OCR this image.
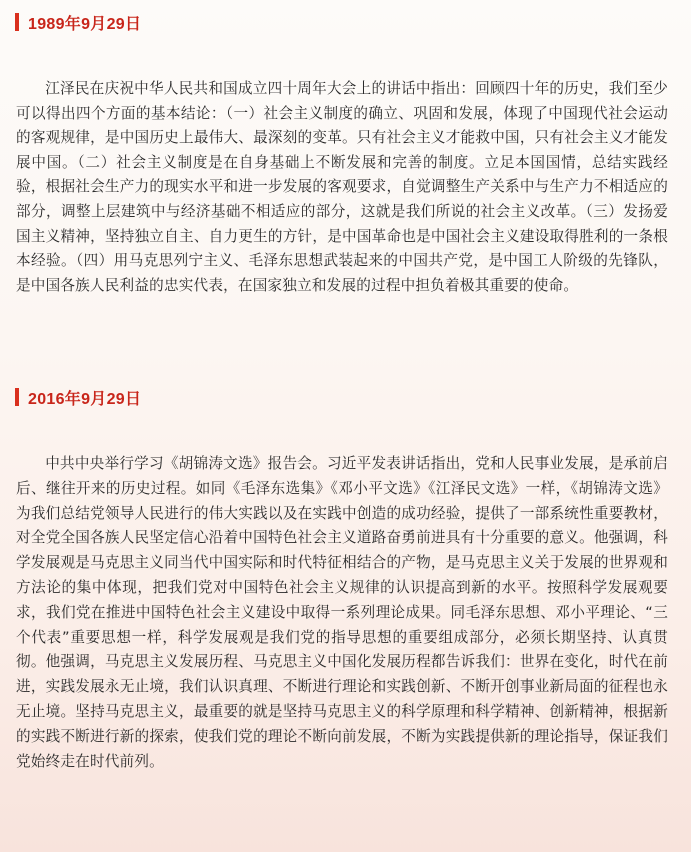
1989年9月29日

江泽民在庆祝中华人民共和国成立四十周年大会上的讲话中指出：回顾四十年的历史，我们至少可以得出四个方面的基本结论：（一）社会主义制度的确立、巩固和发展，体现了中国现代社会运动的客观规律，是中国历史上最伟大、最深刻的变革。只有社会主义才能救中国，只有社会主义才能发展中国。（二）社会主义制度是在自身基础上不断发展和完善的制度。立足本国国情，总结实践经验，根据社会生产力的现实水平和进一步发展的客观要求，自觉调整生产关系中与生产力不相适应的部分，调整上层建筑中与经济基础不相适应的部分，这就是我们所说的社会主义改革。（三）发扬爱国主义精神，坚持独立自主、自力更生的方针，是中国革命也是中国社会主义建设取得胜利的一条根本经验。（四）用马克思列宁主义、毛泽东思想武装起来的中国共产党，是中国工人阶级的先锋队，是中国各族人民利益的忠实代表，在国家独立和发展的过程中担负着极其重要的使命。

2016年9月29日

中共中央举行学习《胡锦涛文选》报告会。习近平发表讲话指出，党和人民事业发展，是承前启后、继往开来的历史过程。如同《毛泽东选集》《邓小平文选》《江泽民文选》一样，《胡锦涛文选》为我们总结党领导人民进行的伟大实践以及在实践中创造的成功经验，提供了一部系统性重要教材，对全党全国各族人民坚定信心沿着中国特色社会主义道路奋勇前进具有十分重要的意义。他强调，科学发展观是马克思主义同当代中国实际和时代特征相结合的产物，是马克思主义关于发展的世界观和方法论的集中体现，把我们党对中国特色社会主义规律的认识提高到新的水平。按照科学发展观要求，我们党在推进中国特色社会主义建设中取得一系列理论成果。同毛泽东思想、邓小平理论、“三个代表”重要思想一样，科学发展观是我们党的指导思想的重要组成部分，必须长期坚持、认真贯彻。他强调，马克思主义发展历程、马克思主义中国化发展历程都告诉我们：世界在变化，时代在前进，实践发展永无止境，我们认识真理、不断进行理论和实践创新、不断开创事业新局面的征程也永无止境。坚持马克思主义，最重要的就是坚持马克思主义的科学原理和科学精神、创新精神，根据新的实践不断进行新的探索，使我们党的理论不断向前发展，不断为实践提供新的理论指导，保证我们党始终走在时代前列。
